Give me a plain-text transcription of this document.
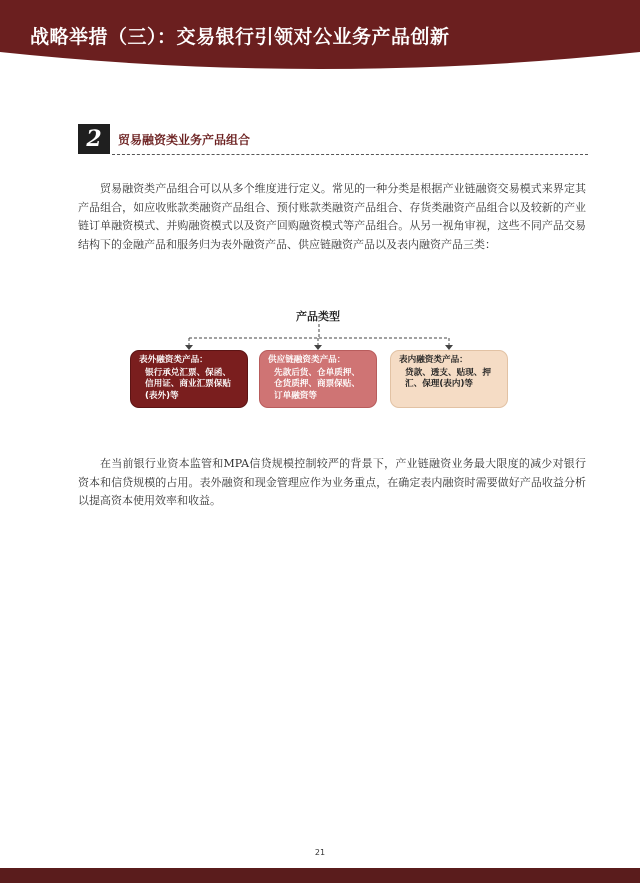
战略举措（三）：交易银行引领对公业务产品创新
2	贸易融资类业务产品组合

贸易融资类产品组合可以从多个维度进行定义。常见的一种分类是根据产业链融资交易模式来界定其产品组合，如应收账款类融资产品组合、预付账款类融资产品组合、存货类融资产品组合以及较新的产业链订单融资模式、并购融资模式以及资产回购融资模式等产品组合。从另一视角审视，这些不同产品交易结构下的金融产品和服务归为表外融资产品、供应链融资产品以及表内融资产品三类：

产品类型
表外融资类产品：
银行承兑汇票、保函、信用证、商业汇票保贴(表外)等
供应链融资类产品：
先款后货、仓单质押、仓货质押、商票保贴、订单融资等
表内融资类产品：
贷款、透支、贴现、押汇、保理(表内)等

在当前银行业资本监管和MPA信贷规模控制较严的背景下，产业链融资业务最大限度的减少对银行资本和信贷规模的占用。表外融资和现金管理应作为业务重点，在确定表内融资时需要做好产品收益分析以提高资本使用效率和收益。

21
